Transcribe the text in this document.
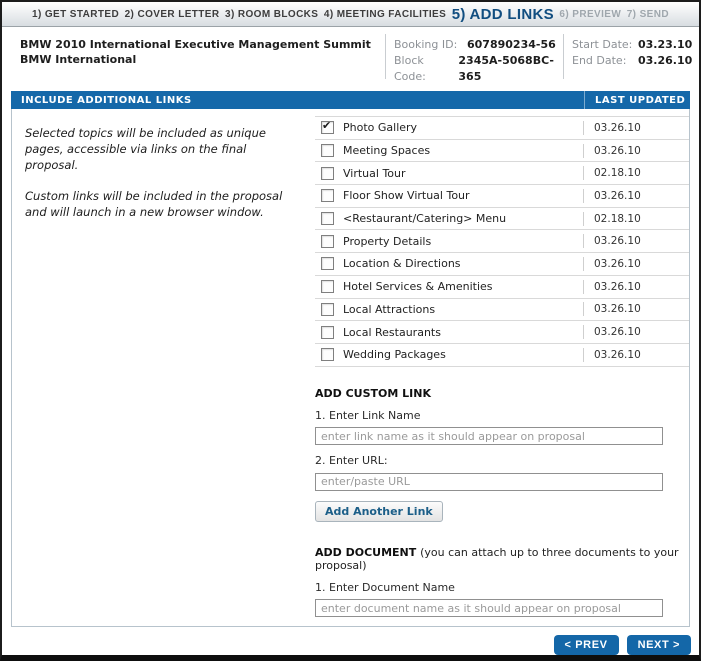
1) GET STARTED 2) COVER LETTER 3) ROOM BLOCKS 4) MEETING FACILITIES 5) ADD LINKS 6) PREVIEW 7) SEND
BMW 2010 International Executive Management Summit
BMW International
Booking ID: 607890234-56
Block Code:
2345A-5068BC-365
Start Date: 03.23.10
End Date:	03.26.10
INCLUDE ADDITIONAL LINKS	LAST UPDATED

Selected topics will be included as unique pages, accessible via links on the final proposal.

Custom links will be included in the proposal and will launch in a new browser window.

✔
Photo Gallery	03.26.10
Meeting Spaces	03.26.10
Virtual Tour	02.18.10
Floor Show Virtual Tour	03.26.10
<Restaurant/Catering> Menu	02.18.10
Property Details	03.26.10
Location & Directions	03.26.10
Hotel Services & Amenities	03.26.10
Local Attractions	03.26.10
Local Restaurants	03.26.10
Wedding Packages	03.26.10
ADD CUSTOM LINK
1. Enter Link Name
enter link name as it should appear on proposal
2. Enter URL:
enter/paste URL
Add Another Link
ADD DOCUMENT (you can attach up to three documents to your proposal)
1. Enter Document Name
enter document name as it should appear on proposal
< PREV	NEXT >
